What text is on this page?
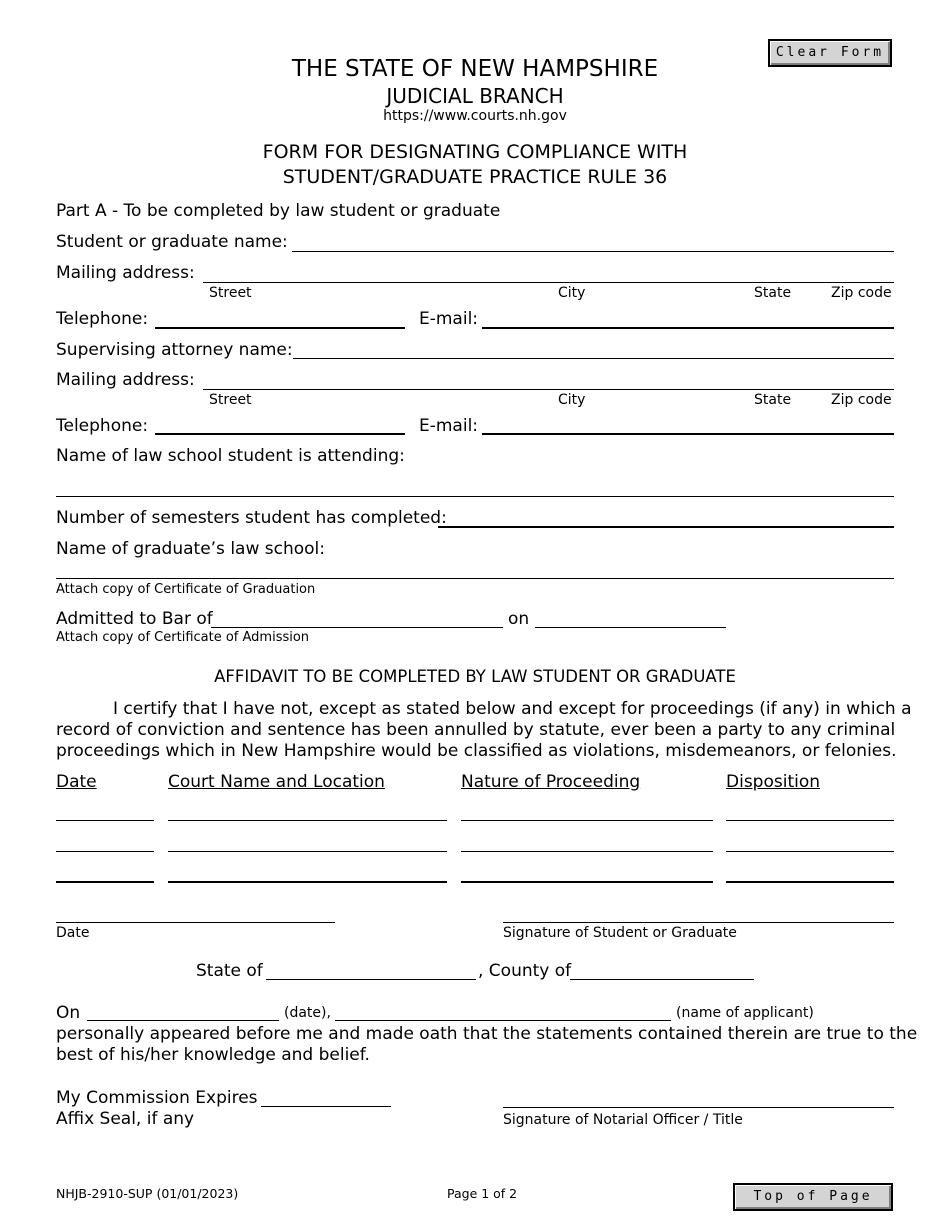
Clear Form
Top of Page
THE STATE OF NEW HAMPSHIRE
JUDICIAL BRANCH
https://www.courts.nh.gov
FORM FOR DESIGNATING COMPLIANCE WITH
STUDENT/GRADUATE PRACTICE RULE 36
Part A - To be completed by law student or graduate
Student or graduate name:
Mailing address:
Street	City	State	Zip code
Telephone:	E-mail:
Supervising attorney name:
Mailing address:
Street	City	State	Zip code
Telephone:	E-mail:
Name of law school student is attending:
Number of semesters student has completed:
Name of graduate’s law school:
Attach copy of Certificate of Graduation
Admitted to Bar of	on
Attach copy of Certificate of Admission
AFFIDAVIT TO BE COMPLETED BY LAW STUDENT OR GRADUATE
I certify that I have not, except as stated below and except for proceedings (if any) in which a
record of conviction and sentence has been annulled by statute, ever been a party to any criminal
proceedings which in New Hampshire would be classified as violations, misdemeanors, or felonies.
Date	Court Name and Location	Nature of Proceeding	Disposition
Date	Signature of Student or Graduate
State of	, County of
On	(date),	(name of applicant)
personally appeared before me and made oath that the statements contained therein are true to the
best of his/her knowledge and belief.
My Commission Expires
Affix Seal, if any	Signature of Notarial Officer / Title
NHJB-2910-SUP (01/01/2023)	Page 1 of 2
